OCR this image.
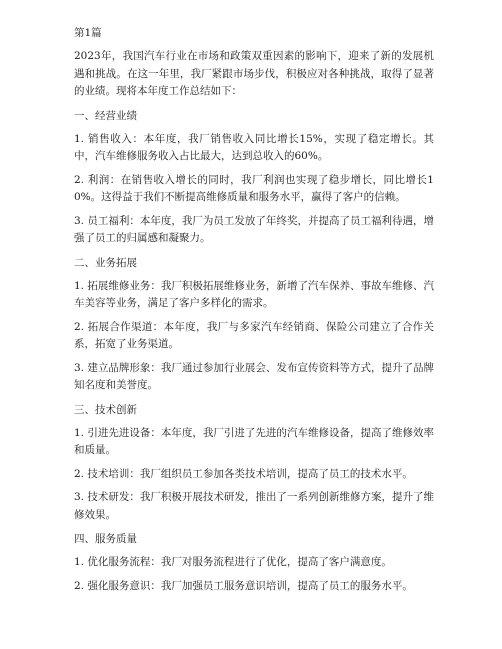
第1篇

2023年，我国汽车行业在市场和政策双重因素的影响下，迎来了新的发展机遇和挑战。在这一年里，我厂紧跟市场步伐，积极应对各种挑战，取得了显著的业绩。现将本年度工作总结如下：

一、经营业绩

1. 销售收入：本年度，我厂销售收入同比增长15%，实现了稳定增长。其中，汽车维修服务收入占比最大，达到总收入的60%。

2. 利润：在销售收入增长的同时，我厂利润也实现了稳步增长，同比增长10%。这得益于我们不断提高维修质量和服务水平，赢得了客户的信赖。

3. 员工福利：本年度，我厂为员工发放了年终奖，并提高了员工福利待遇，增强了员工的归属感和凝聚力。

二、业务拓展

1. 拓展维修业务：我厂积极拓展维修业务，新增了汽车保养、事故车维修、汽车美容等业务，满足了客户多样化的需求。

2. 拓展合作渠道：本年度，我厂与多家汽车经销商、保险公司建立了合作关系，拓宽了业务渠道。

3. 建立品牌形象：我厂通过参加行业展会、发布宣传资料等方式，提升了品牌知名度和美誉度。

三、技术创新

1. 引进先进设备：本年度，我厂引进了先进的汽车维修设备，提高了维修效率和质量。

2. 技术培训：我厂组织员工参加各类技术培训，提高了员工的技术水平。

3. 技术研发：我厂积极开展技术研发，推出了一系列创新维修方案，提升了维修效果。

四、服务质量

1. 优化服务流程：我厂对服务流程进行了优化，提高了客户满意度。

2. 强化服务意识：我厂加强员工服务意识培训，提高了员工的服务水平。
